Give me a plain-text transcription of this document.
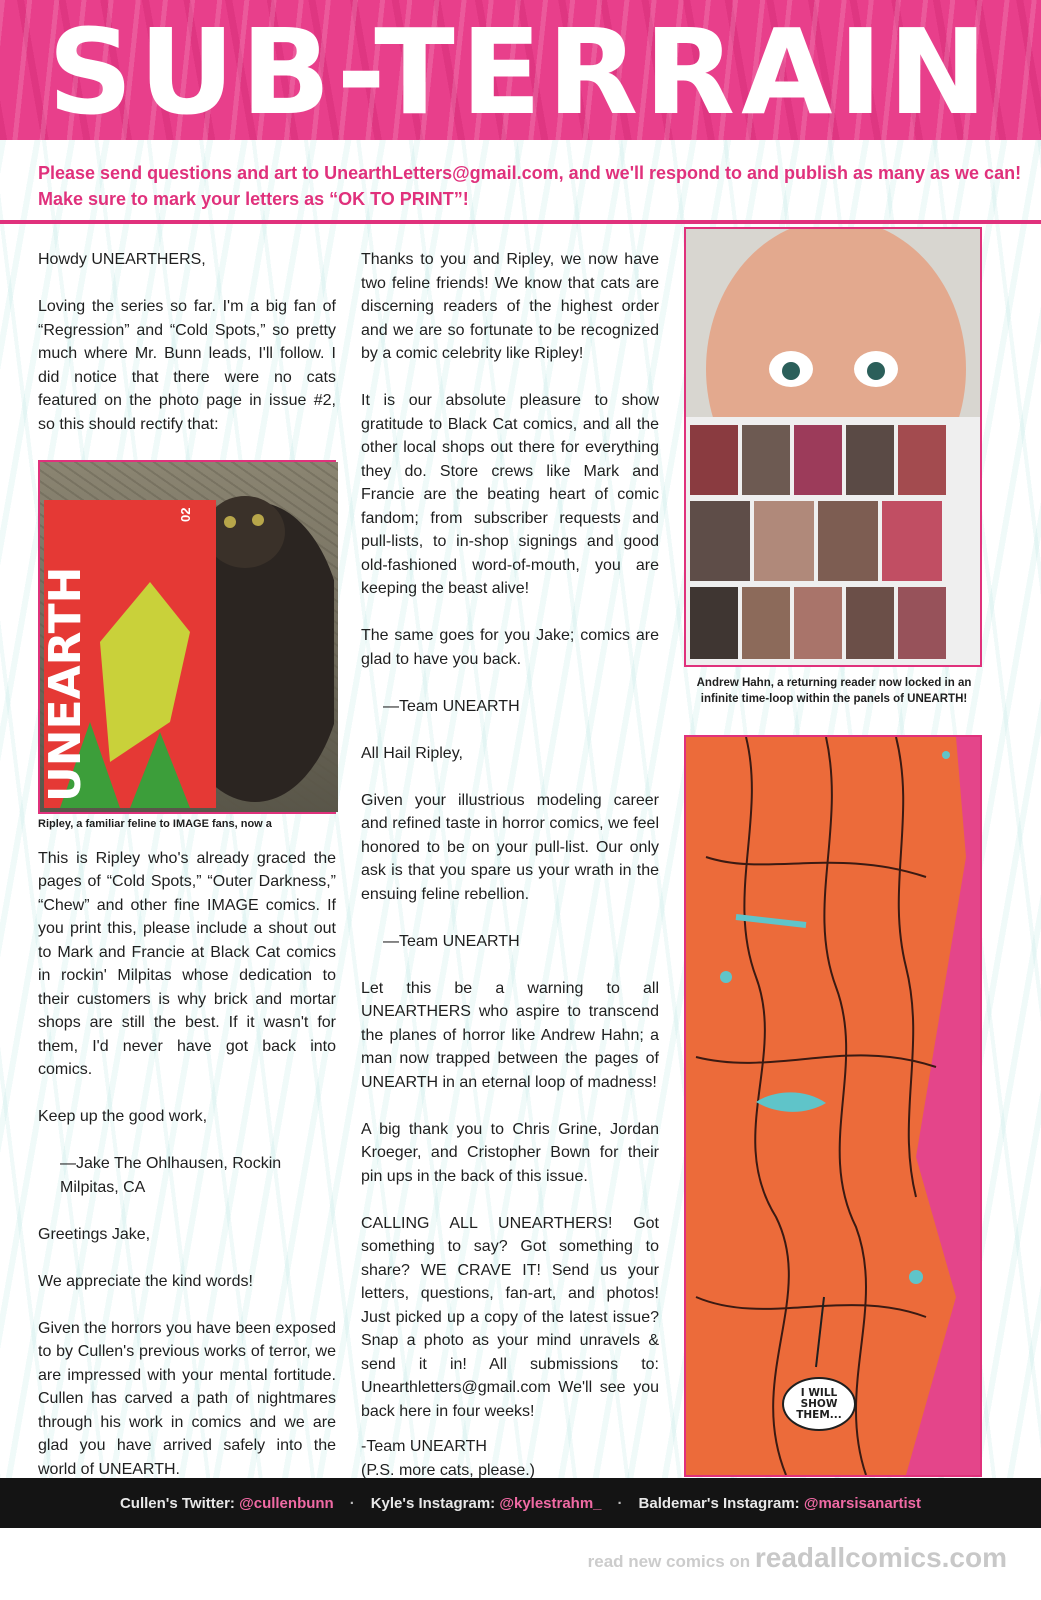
SUB-TERRAIN
Please send questions and art to UnearthLetters@gmail.com, and we'll respond to and publish as many as we can!
Make sure to mark your letters as “OK TO PRINT”!

Howdy UNEARTHERS,

Loving the series so far. I'm a big fan of “Regression” and “Cold Spots,” so pretty much where Mr. Bunn leads, I'll follow. I did notice that there were no cats featured on the photo page in issue #2, so this should rectify that:

02
UNEARTH
Ripley, a familiar feline to IMAGE fans, now a

This is Ripley who's already graced the pages of “Cold Spots,” “Outer Darkness,” “Chew” and other fine IMAGE comics. If you print this, please include a shout out to Mark and Francie at Black Cat comics in rockin' Milpitas whose dedication to their customers is why brick and mortar shops are still the best. If it wasn't for them, I'd never have got back into comics.

Keep up the good work,

—Jake The Ohlhausen, Rockin Milpitas, CA

Greetings Jake,

We appreciate the kind words!

Given the horrors you have been exposed to by Cullen's previous works of terror, we are impressed with your mental fortitude. Cullen has carved a path of nightmares through his work in comics and we are glad you have arrived safely into the world of UNEARTH.

Thanks to you and Ripley, we now have two feline friends! We know that cats are discerning readers of the highest order and we are so fortunate to be recognized by a comic celebrity like Ripley!

It is our absolute pleasure to show gratitude to Black Cat comics, and all the other local shops out there for everything they do. Store crews like Mark and Francie are the beating heart of comic fandom; from subscriber requests and pull-lists, to in-shop signings and good old-fashioned word-of-mouth, you are keeping the beast alive!

The same goes for you Jake; comics are glad to have you back.

—Team UNEARTH

All Hail Ripley,

Given your illustrious modeling career and refined taste in horror comics, we feel honored to be on your pull-list. Our only ask is that you spare us your wrath in the ensuing feline rebellion.

—Team UNEARTH

Let this be a warning to all UNEARTHERS who aspire to transcend the planes of horror like Andrew Hahn; a man now trapped between the pages of UNEARTH in an eternal loop of madness!

A big thank you to Chris Grine, Jordan Kroeger, and Cristopher Bown for their pin ups in the back of this issue.

CALLING ALL UNEARTHERS! Got something to say? Got something to share? WE CRAVE IT! Send us your letters, questions, fan-art, and photos! Just picked up a copy of the latest issue? Snap a photo as your mind unravels & send it in! All submissions to: Unearthletters@gmail.com We'll see you back here in four weeks!

-Team UNEARTH

(P.S. more cats, please.)

Andrew Hahn, a returning reader now locked in an infinite time-loop within the panels of UNEARTH!
I WILL
SHOW
THEM...
Cullen's Twitter: @cullenbunn · Kyle's Instagram: @kylestrahm_ · Baldemar's Instagram: @marsisanartist
read new comics on readallcomics.com
